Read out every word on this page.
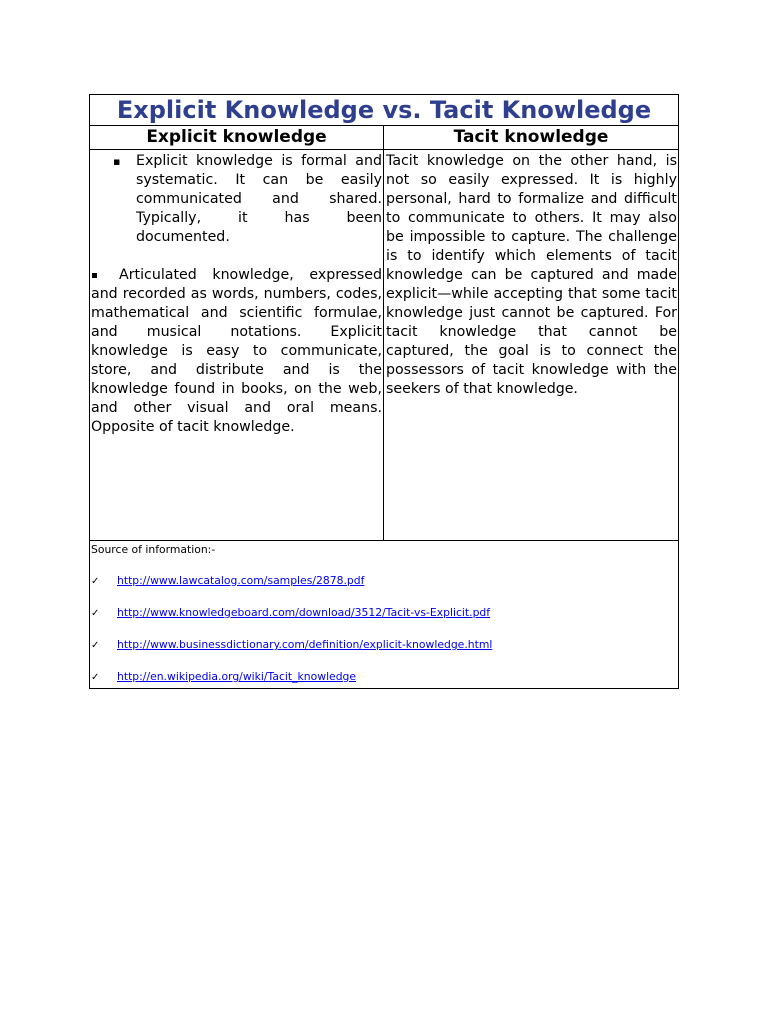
Explicit Knowledge vs. Tacit Knowledge
Explicit knowledge	Tacit knowledge
▪ Explicit knowledge is formal and systematic. It can be easily communicated and shared. Typically, it has been documented.
Articulated knowledge, expressed and recorded as words, numbers, codes, mathematical and scientific formulae, and musical notations. Explicit knowledge is easy to communicate, store, and distribute and is the knowledge found in books, on the web, and other visual and oral means. Opposite of tacit knowledge.
Tacit knowledge on the other hand, is not so easily expressed. It is highly personal, hard to formalize and difficult to communicate to others. It may also be impossible to capture. The challenge is to identify which elements of tacit knowledge can be captured and made explicit—while accepting that some tacit knowledge just cannot be captured. For tacit knowledge that cannot be captured, the goal is to connect the possessors of tacit knowledge with the seekers of that knowledge.
Source of information:-
✓ http://www.lawcatalog.com/samples/2878.pdf
✓ http://www.knowledgeboard.com/download/3512/Tacit-vs-Explicit.pdf
✓ http://www.businessdictionary.com/definition/explicit-knowledge.html
✓ http://en.wikipedia.org/wiki/Tacit_knowledge
